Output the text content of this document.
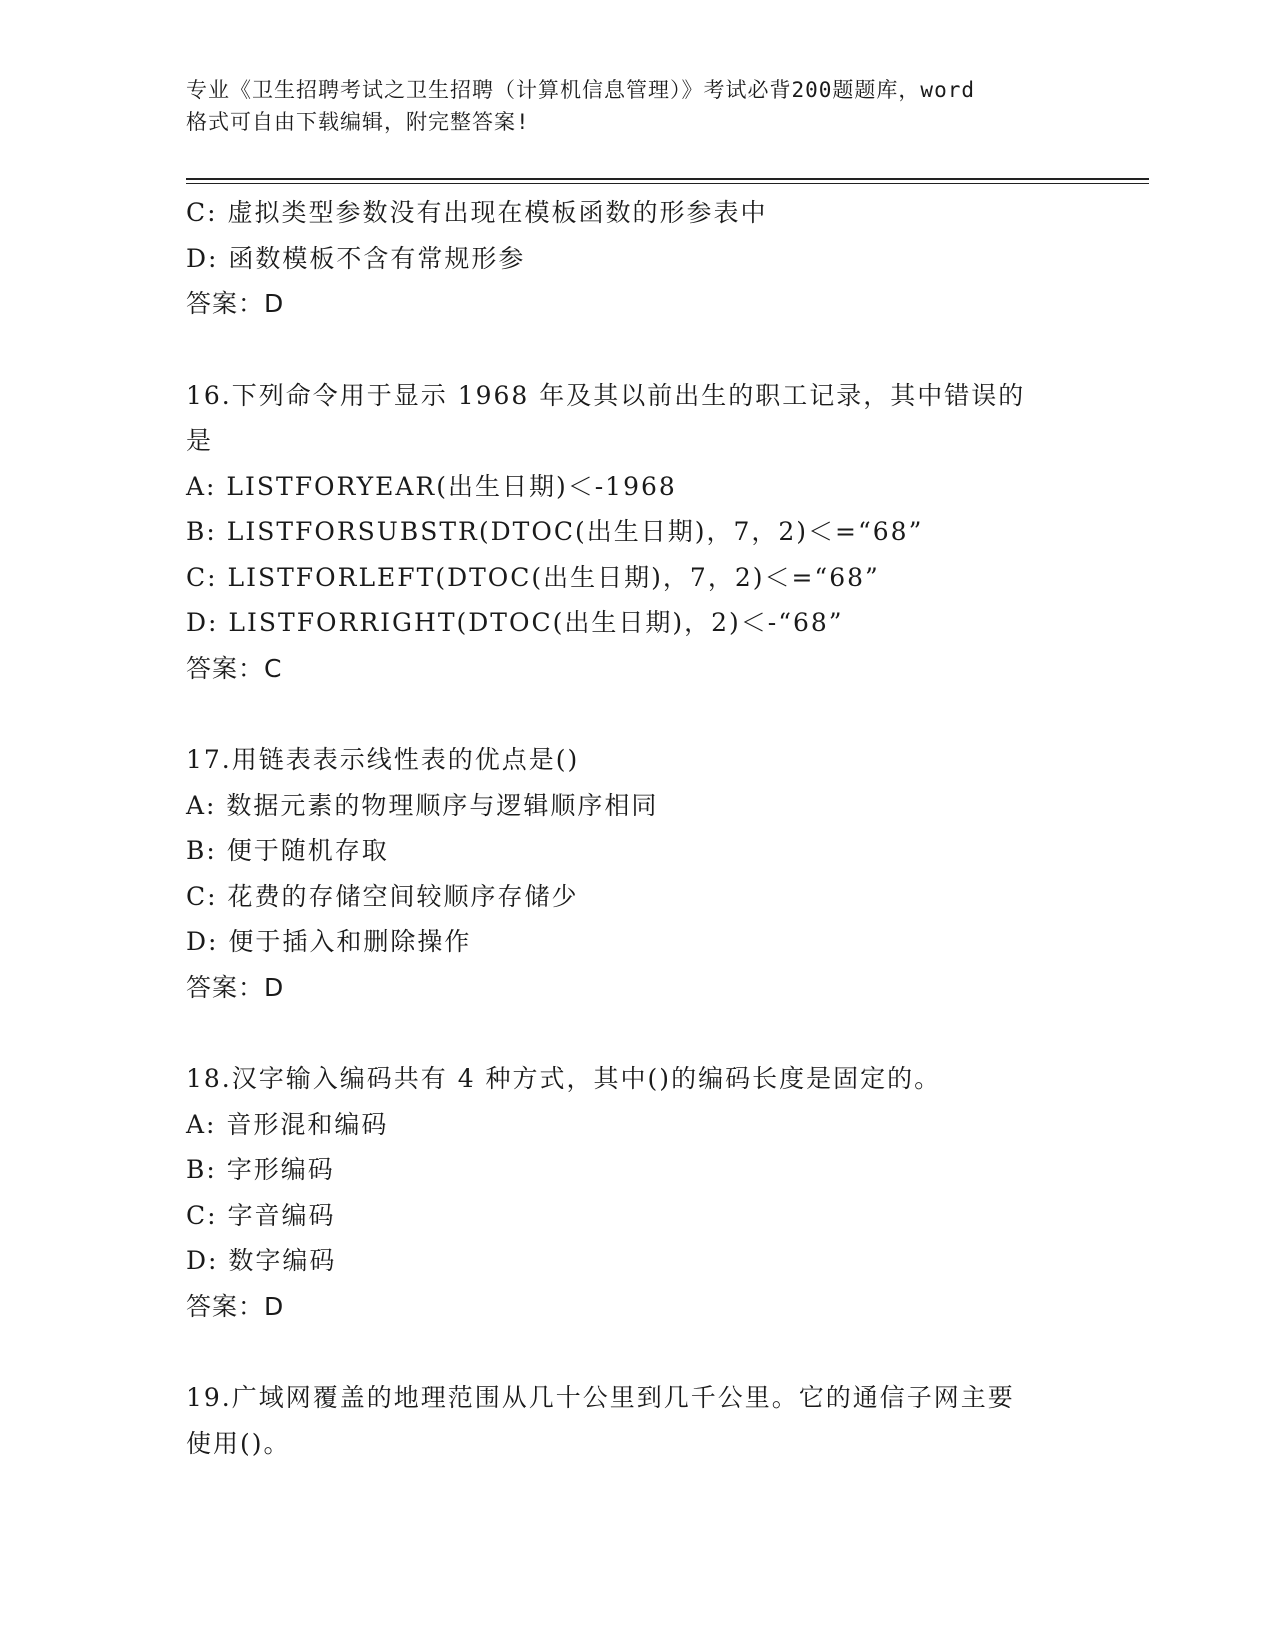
专业《卫生招聘考试之卫生招聘（计算机信息管理）》考试必背200题题库，word
格式可自由下载编辑，附完整答案!
C: 虚拟类型参数没有出现在模板函数的形参表中
D: 函数模板不含有常规形参
答案：D
16.下列命令用于显示 1968 年及其以前出生的职工记录，其中错误的
是
A: LISTFORYEAR(出生日期)＜-1968
B: LISTFORSUBSTR(DTOC(出生日期)，7，2)＜=“68”
C: LISTFORLEFT(DTOC(出生日期)，7，2)＜=“68”
D: LISTFORRIGHT(DTOC(出生日期)，2)＜-“68”
答案：C
17.用链表表示线性表的优点是()
A: 数据元素的物理顺序与逻辑顺序相同
B: 便于随机存取
C: 花费的存储空间较顺序存储少
D: 便于插入和删除操作
答案：D
18.汉字输入编码共有 4 种方式，其中()的编码长度是固定的。
A: 音形混和编码
B: 字形编码
C: 字音编码
D: 数字编码
答案：D
19.广域网覆盖的地理范围从几十公里到几千公里。它的通信子网主要
使用()。
